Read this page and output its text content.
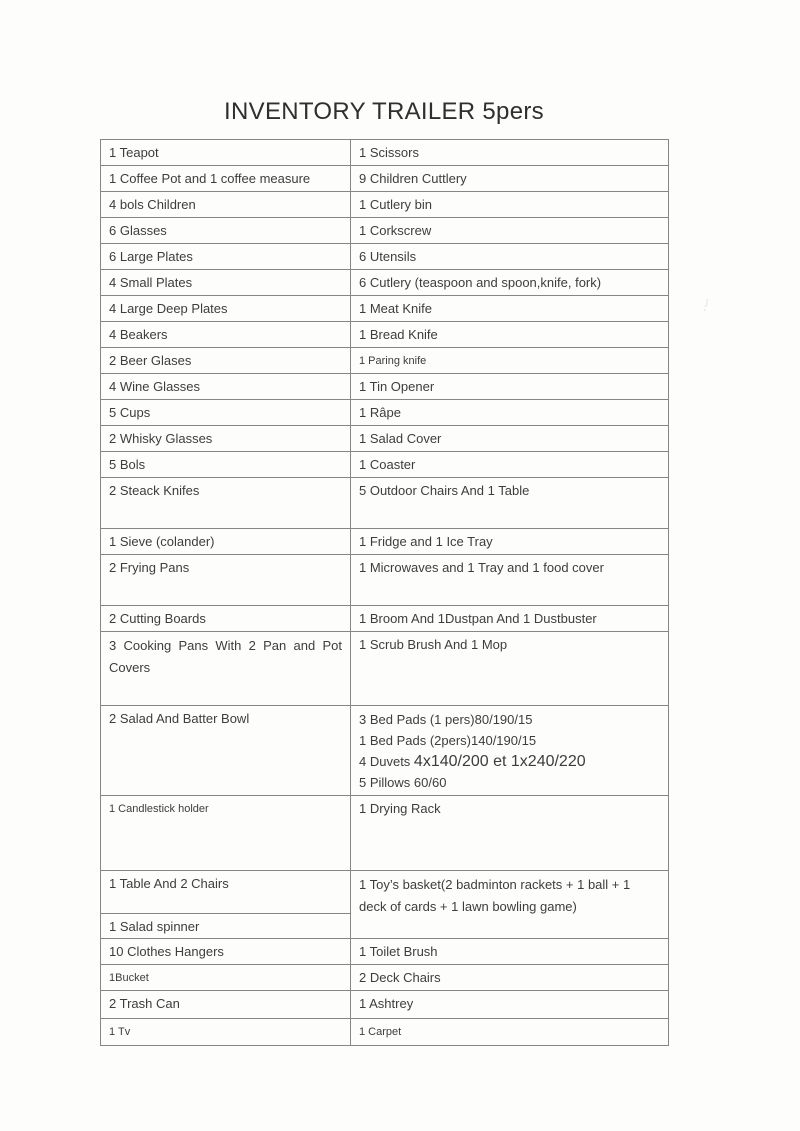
INVENTORY TRAILER 5pers
1 Teapot	1 Scissors
1 Coffee Pot and 1 coffee measure	9 Children Cuttlery
4 bols Children	1 Cutlery bin
6 Glasses	1 Corkscrew
6 Large Plates	6 Utensils
4 Small Plates	6 Cutlery (teaspoon and spoon,knife, fork)
4 Large Deep Plates	1 Meat Knife
4 Beakers	1 Bread Knife
2 Beer Glases	1 Paring knife
4 Wine Glasses	1 Tin Opener
5 Cups	1 Râpe
2 Whisky Glasses	1 Salad Cover
5 Bols	1 Coaster
2 Steack Knifes	5 Outdoor Chairs And 1 Table
1 Sieve (colander)	1 Fridge and 1 Ice Tray
2 Frying Pans	1 Microwaves and 1 Tray and 1 food cover
2 Cutting Boards	1 Broom And 1Dustpan And 1 Dustbuster
3 Cooking Pans With 2 Pan and Pot Covers	1 Scrub Brush And 1 Mop
2 Salad And Batter Bowl	3 Bed Pads (1 pers)80/190/15
1 Bed Pads (2pers)140/190/15
4 Duvets 4x140/200 et 1x240/220
5 Pillows 60/60

1 Candlestick holder	1 Drying Rack
1 Table And 2 Chairs	1 Toy’s basket(2 badminton rackets + 1 ball + 1 deck of cards + 1 lawn bowling game)
1 Salad spinner	
10 Clothes Hangers	1 Toilet Brush
1Bucket	2 Deck Chairs
2 Trash Can	1 Ashtrey
1 Tv	1 Carpet
